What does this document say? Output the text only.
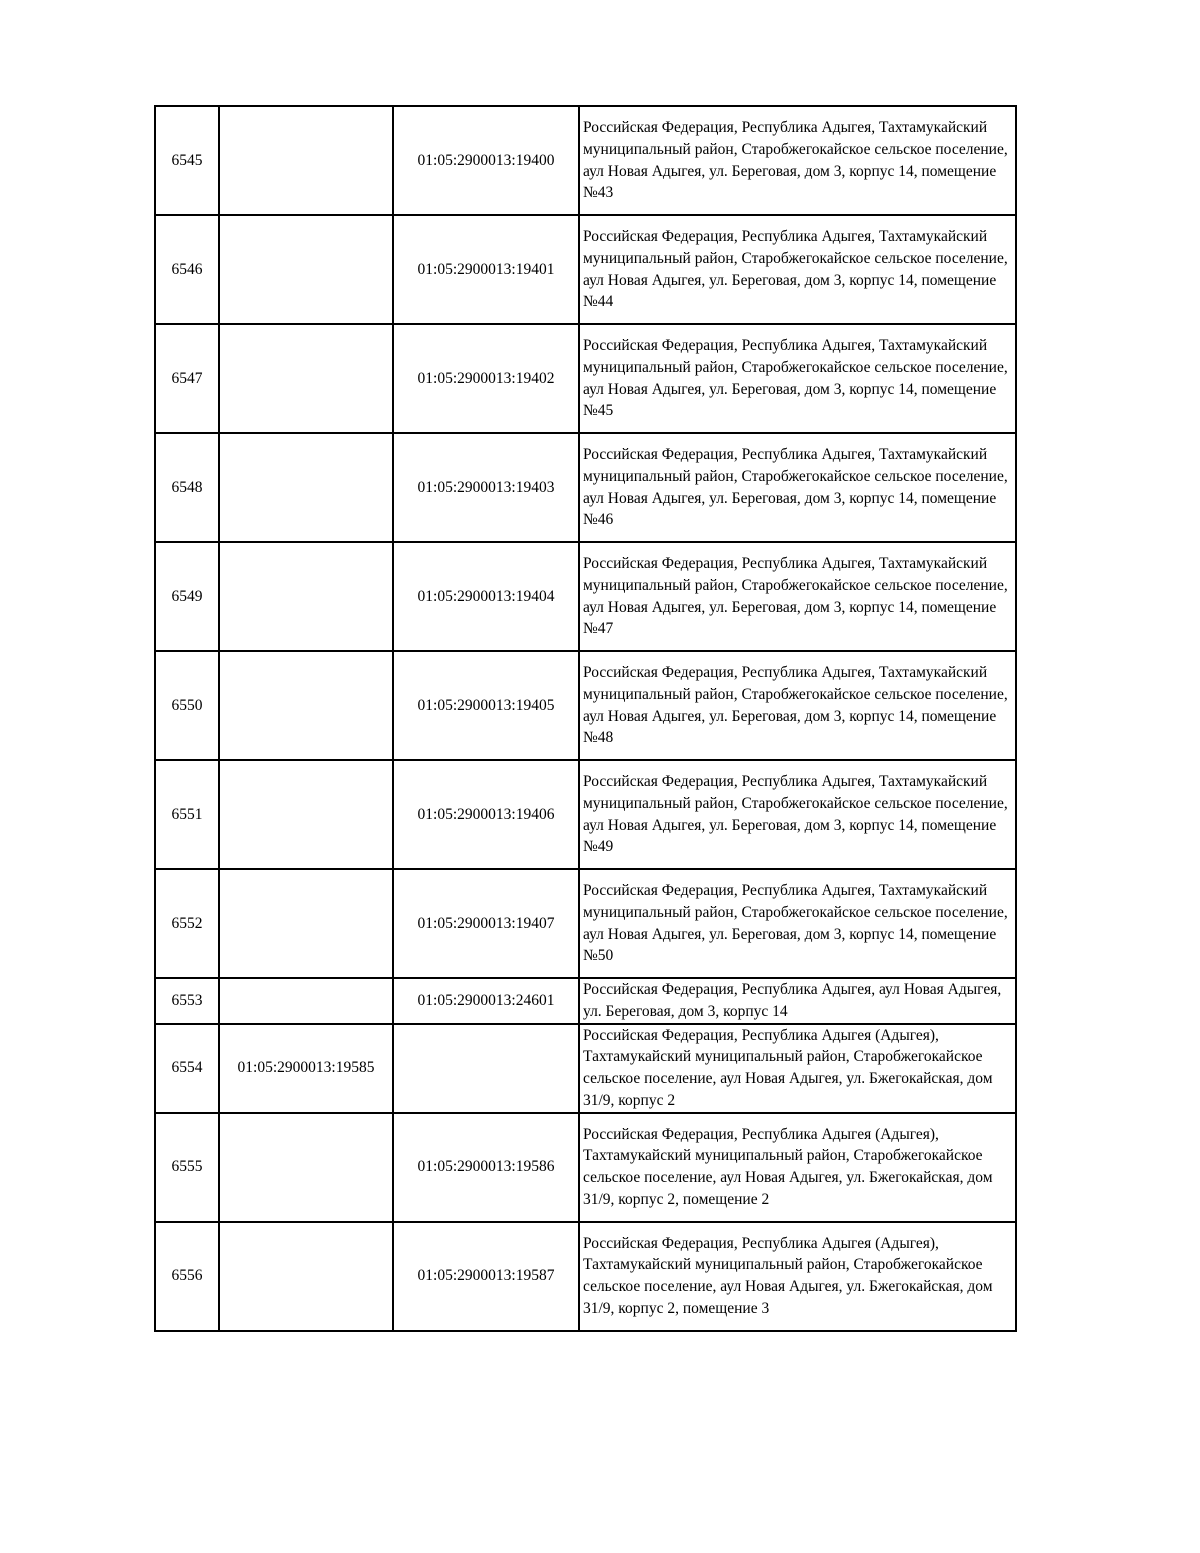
6545		01:05:2900013:19400	Российская Федерация, Республика Адыгея, Тахтамукайский муниципальный район, Старобжегокайское сельское поселение, аул Новая Адыгея, ул. Береговая, дом 3, корпус 14, помещение №43
6546		01:05:2900013:19401	Российская Федерация, Республика Адыгея, Тахтамукайский муниципальный район, Старобжегокайское сельское поселение, аул Новая Адыгея, ул. Береговая, дом 3, корпус 14, помещение №44
6547		01:05:2900013:19402	Российская Федерация, Республика Адыгея, Тахтамукайский муниципальный район, Старобжегокайское сельское поселение, аул Новая Адыгея, ул. Береговая, дом 3, корпус 14, помещение №45
6548		01:05:2900013:19403	Российская Федерация, Республика Адыгея, Тахтамукайский муниципальный район, Старобжегокайское сельское поселение, аул Новая Адыгея, ул. Береговая, дом 3, корпус 14, помещение №46
6549		01:05:2900013:19404	Российская Федерация, Республика Адыгея, Тахтамукайский муниципальный район, Старобжегокайское сельское поселение, аул Новая Адыгея, ул. Береговая, дом 3, корпус 14, помещение №47
6550		01:05:2900013:19405	Российская Федерация, Республика Адыгея, Тахтамукайский муниципальный район, Старобжегокайское сельское поселение, аул Новая Адыгея, ул. Береговая, дом 3, корпус 14, помещение №48
6551		01:05:2900013:19406	Российская Федерация, Республика Адыгея, Тахтамукайский муниципальный район, Старобжегокайское сельское поселение, аул Новая Адыгея, ул. Береговая, дом 3, корпус 14, помещение №49
6552		01:05:2900013:19407	Российская Федерация, Республика Адыгея, Тахтамукайский муниципальный район, Старобжегокайское сельское поселение, аул Новая Адыгея, ул. Береговая, дом 3, корпус 14, помещение №50
6553		01:05:2900013:24601	Российская Федерация, Республика Адыгея, аул Новая Адыгея, ул. Береговая, дом 3, корпус 14
6554	01:05:2900013:19585		Российская Федерация, Республика Адыгея (Адыгея), Тахтамукайский муниципальный район, Старобжегокайское сельское поселение, аул Новая Адыгея, ул. Бжегокайская, дом 31/9, корпус 2
6555		01:05:2900013:19586	Российская Федерация, Республика Адыгея (Адыгея), Тахтамукайский муниципальный район, Старобжегокайское сельское поселение, аул Новая Адыгея, ул. Бжегокайская, дом 31/9, корпус 2, помещение 2
6556		01:05:2900013:19587	Российская Федерация, Республика Адыгея (Адыгея), Тахтамукайский муниципальный район, Старобжегокайское сельское поселение, аул Новая Адыгея, ул. Бжегокайская, дом 31/9, корпус 2, помещение 3
